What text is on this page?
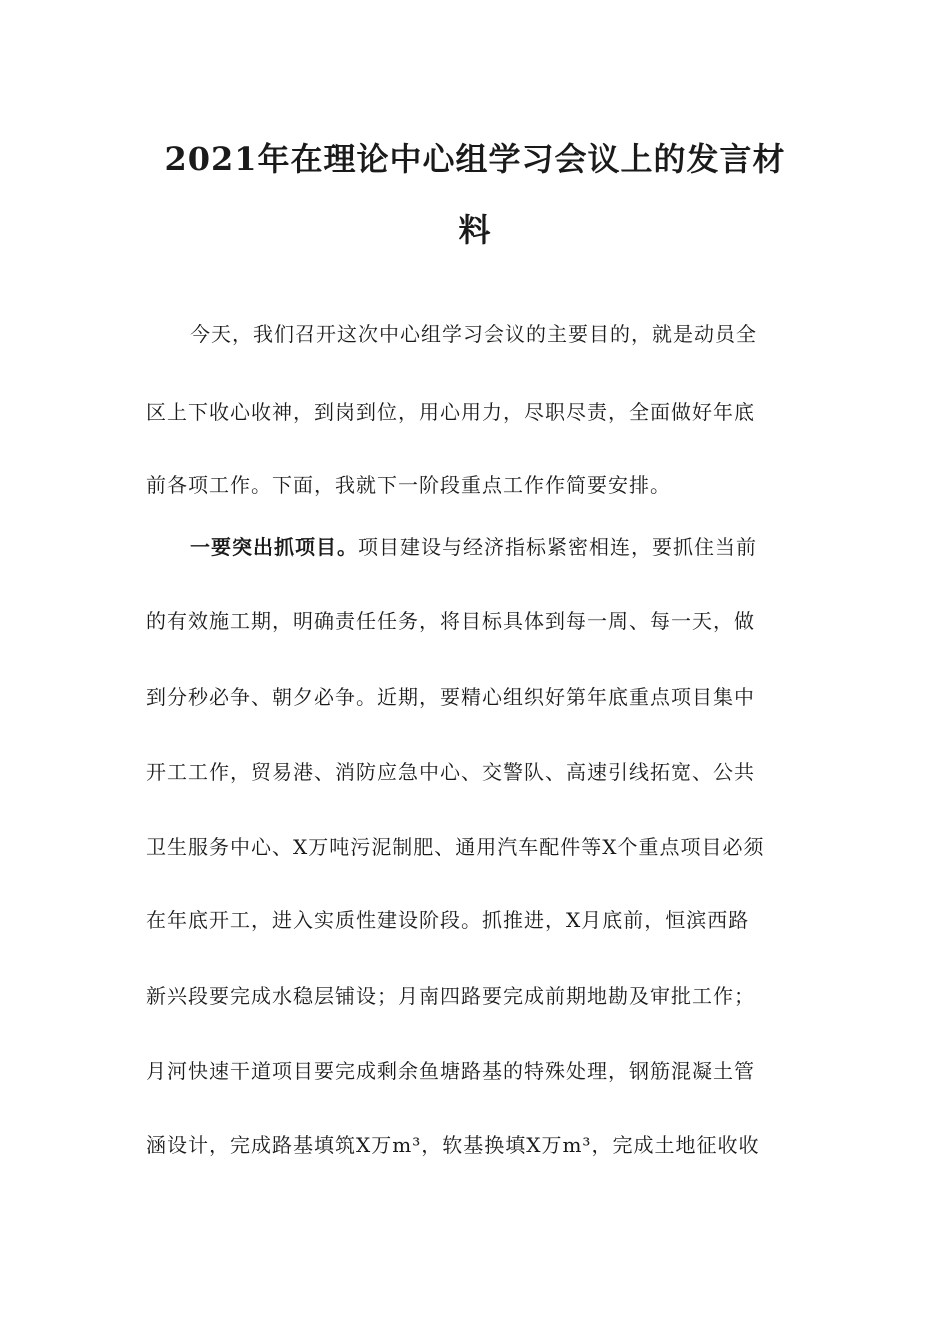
2021年在理论中心组学习会议上的发言材
料

今天，我们召开这次中心组学习会议的主要目的，就是动员全

区上下收心收神，到岗到位，用心用力，尽职尽责，全面做好年底

前各项工作。下面，我就下一阶段重点工作作简要安排。

一要突出抓项目。项目建设与经济指标紧密相连，要抓住当前

的有效施工期，明确责任任务，将目标具体到每一周、每一天，做

到分秒必争、朝夕必争。近期，要精心组织好第年底重点项目集中

开工工作，贸易港、消防应急中心、交警队、高速引线拓宽、公共

卫生服务中心、X万吨污泥制肥、通用汽车配件等X个重点项目必须

在年底开工，进入实质性建设阶段。抓推进，X月底前，恒滨西路

新兴段要完成水稳层铺设；月南四路要完成前期地勘及审批工作；

月河快速干道项目要完成剩余鱼塘路基的特殊处理，钢筋混凝土管

涵设计，完成路基填筑X万m³，软基换填X万m³，完成土地征收收
